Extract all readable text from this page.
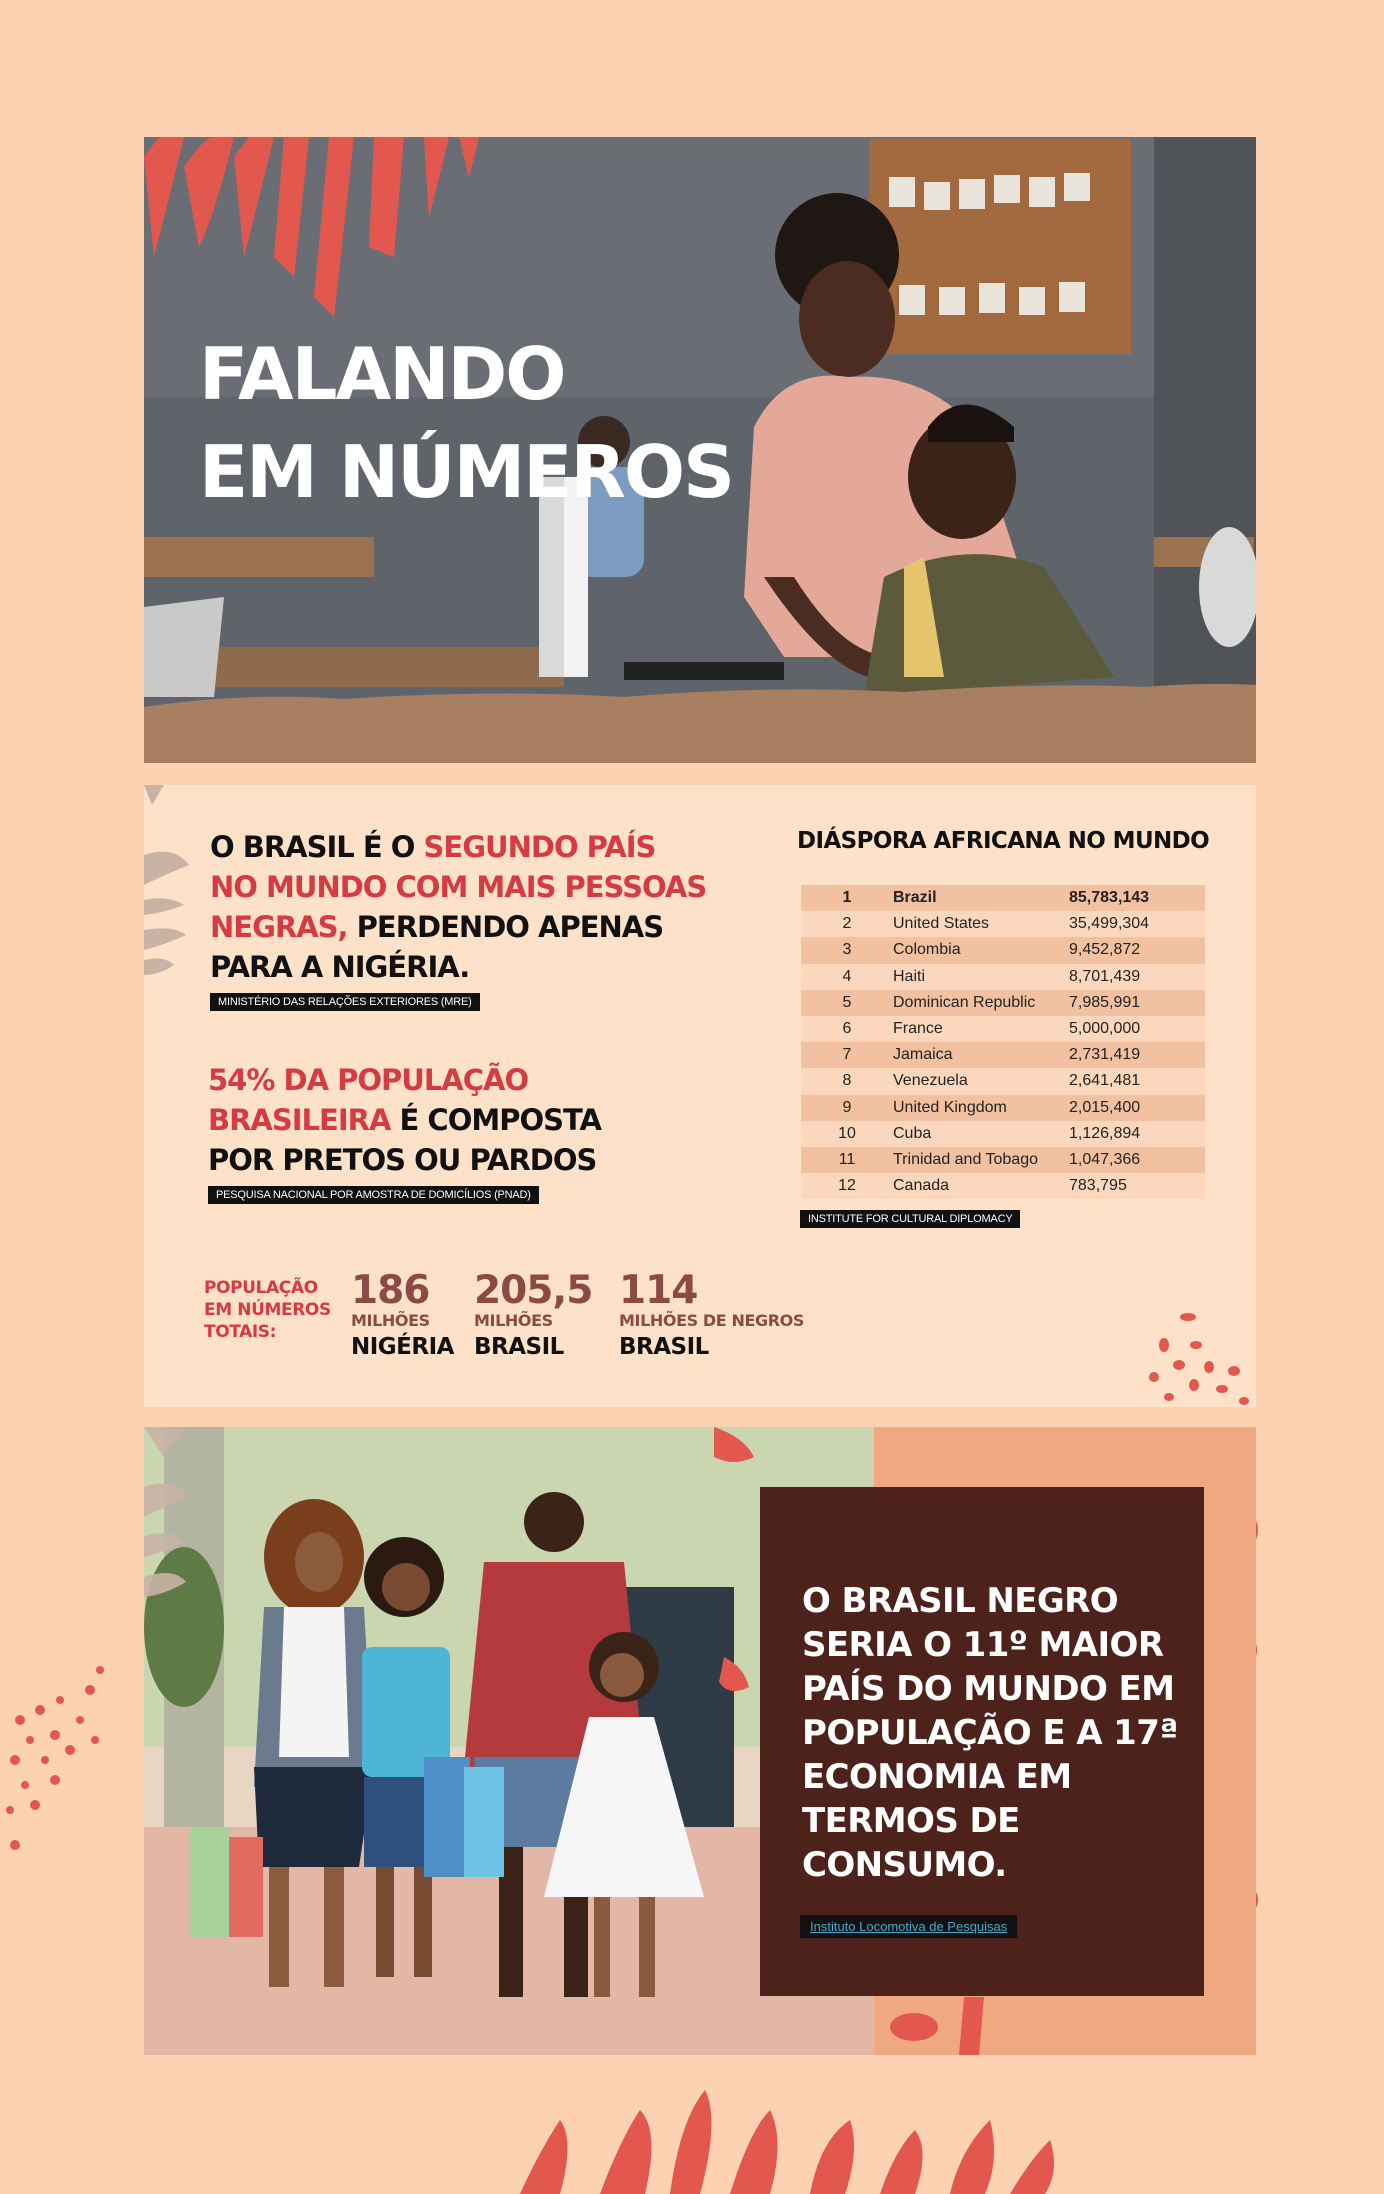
FALANDO
EM NÚMEROS

O BRASIL É O SEGUNDO PAÍS NO MUNDO COM MAIS PESSOAS NEGRAS, PERDENDO APENAS PARA A NIGÉRIA.

MINISTÉRIO DAS RELAÇÕES EXTERIORES (MRE)

54% DA POPULAÇÃO BRASILEIRA É COMPOSTA POR PRETOS OU PARDOS

PESQUISA NACIONAL POR AMOSTRA DE DOMICÍLIOS (PNAD)
DIÁSPORA AFRICANA NO MUNDO
1	Brazil	85,783,143
2	United States	35,499,304
3	Colombia	9,452,872
4	Haiti	8,701,439
5	Dominican Republic	7,985,991
6	France	5,000,000
7	Jamaica	2,731,419
8	Venezuela	2,641,481
9	United Kingdom	2,015,400
10	Cuba	1,126,894
11	Trinidad and Tobago	1,047,366
12	Canada	783,795
INSTITUTE FOR CULTURAL DIPLOMACY
POPULAÇÃO EM NÚMEROS TOTAIS:
186
MILHÕES
NIGÉRIA
205,5
MILHÕES
BRASIL
114
MILHÕES DE NEGROS
BRASIL

O BRASIL NEGRO SERIA O 11º MAIOR PAÍS DO MUNDO EM POPULAÇÃO E A 17ª ECONOMIA EM TERMOS DE CONSUMO.

Instituto Locomotiva de Pesquisas
